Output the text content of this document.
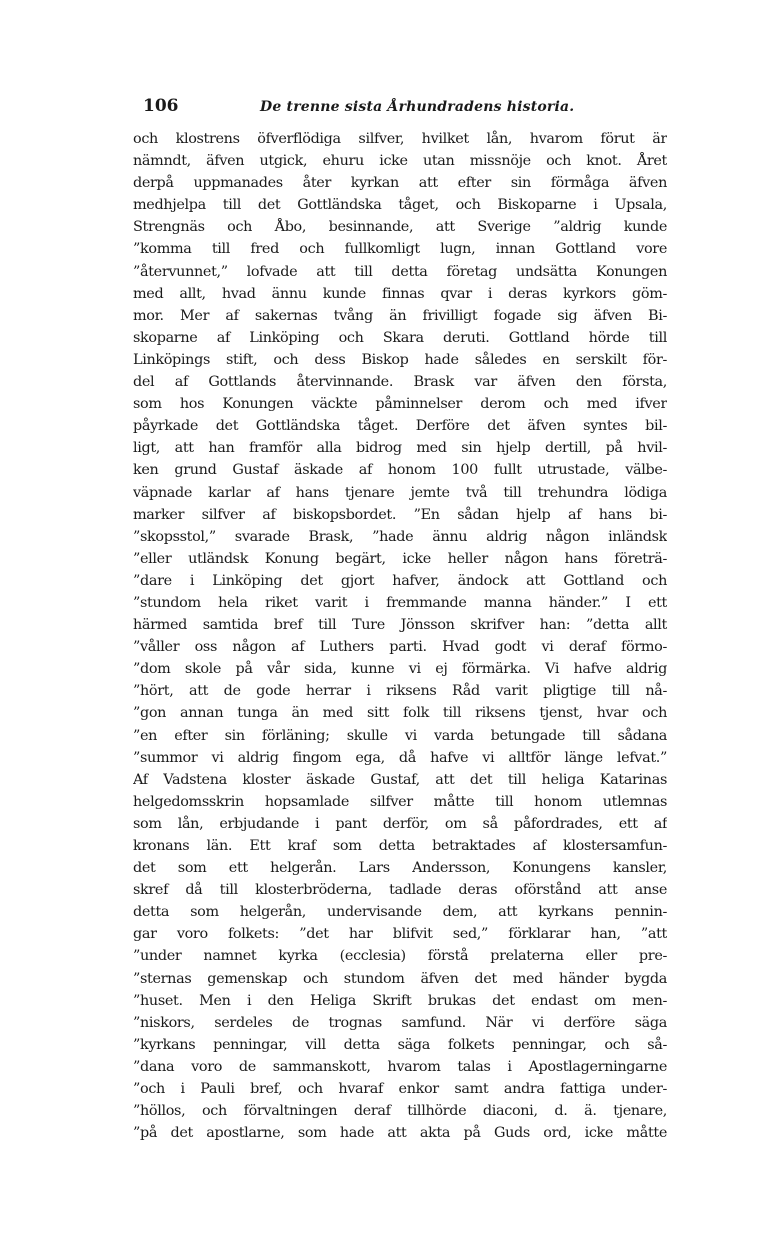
106	De trenne sista Århundradens historia.
och klostrens öfverflödiga silfver, hvilket lån, hvarom förut är
nämndt, äfven utgick, ehuru icke utan missnöje och knot. Året
derpå uppmanades åter kyrkan att efter sin förmåga äfven
medhjelpa till det Gottländska tåget, och Biskoparne i Upsala,
Strengnäs och Åbo, besinnande, att Sverige ”aldrig kunde
”komma till fred och fullkomligt lugn, innan Gottland vore
”återvunnet,” lofvade att till detta företag undsätta Konungen
med allt, hvad ännu kunde finnas qvar i deras kyrkors göm-
mor. Mer af sakernas tvång än frivilligt fogade sig äfven Bi-
skoparne af Linköping och Skara deruti. Gottland hörde till
Linköpings stift, och dess Biskop hade således en serskilt för-
del af Gottlands återvinnande. Brask var äfven den första,
som hos Konungen väckte påminnelser derom och med ifver
påyrkade det Gottländska tåget. Derföre det äfven syntes bil-
ligt, att han framför alla bidrog med sin hjelp dertill, på hvil-
ken grund Gustaf äskade af honom 100 fullt utrustade, välbe-
väpnade karlar af hans tjenare jemte två till trehundra lödiga
marker silfver af biskopsbordet. ”En sådan hjelp af hans bi-
”skopsstol,” svarade Brask, ”hade ännu aldrig någon inländsk
”eller utländsk Konung begärt, icke heller någon hans företrä-
”dare i Linköping det gjort hafver, ändock att Gottland och
”stundom hela riket varit i fremmande manna händer.” I ett
härmed samtida bref till Ture Jönsson skrifver han: ”detta allt
”våller oss någon af Luthers parti. Hvad godt vi deraf förmo-
”dom skole på vår sida, kunne vi ej förmärka. Vi hafve aldrig
”hört, att de gode herrar i riksens Råd varit pligtige till nå-
”gon annan tunga än med sitt folk till riksens tjenst, hvar och
”en efter sin förläning; skulle vi varda betungade till sådana
”summor vi aldrig fingom ega, då hafve vi alltför länge lefvat.”
Af Vadstena kloster äskade Gustaf, att det till heliga Katarinas
helgedomsskrin hopsamlade silfver måtte till honom utlemnas
som lån, erbjudande i pant derför, om så påfordrades, ett af
kronans län. Ett kraf som detta betraktades af klostersamfun-
det som ett helgerån. Lars Andersson, Konungens kansler,
skref då till klosterbröderna, tadlade deras oförstånd att anse
detta som helgerån, undervisande dem, att kyrkans pennin-
gar voro folkets: ”det har blifvit sed,” förklarar han, ”att
”under namnet kyrka (ecclesia) förstå prelaterna eller pre-
”sternas gemenskap och stundom äfven det med händer bygda
”huset. Men i den Heliga Skrift brukas det endast om men-
”niskors, serdeles de trognas samfund. När vi derföre säga
”kyrkans penningar, vill detta säga folkets penningar, och så-
”dana voro de sammanskott, hvarom talas i Apostlagerningarne
”och i Pauli bref, och hvaraf enkor samt andra fattiga under-
”höllos, och förvaltningen deraf tillhörde diaconi, d. ä. tjenare,
”på det apostlarne, som hade att akta på Guds ord, icke måtte
